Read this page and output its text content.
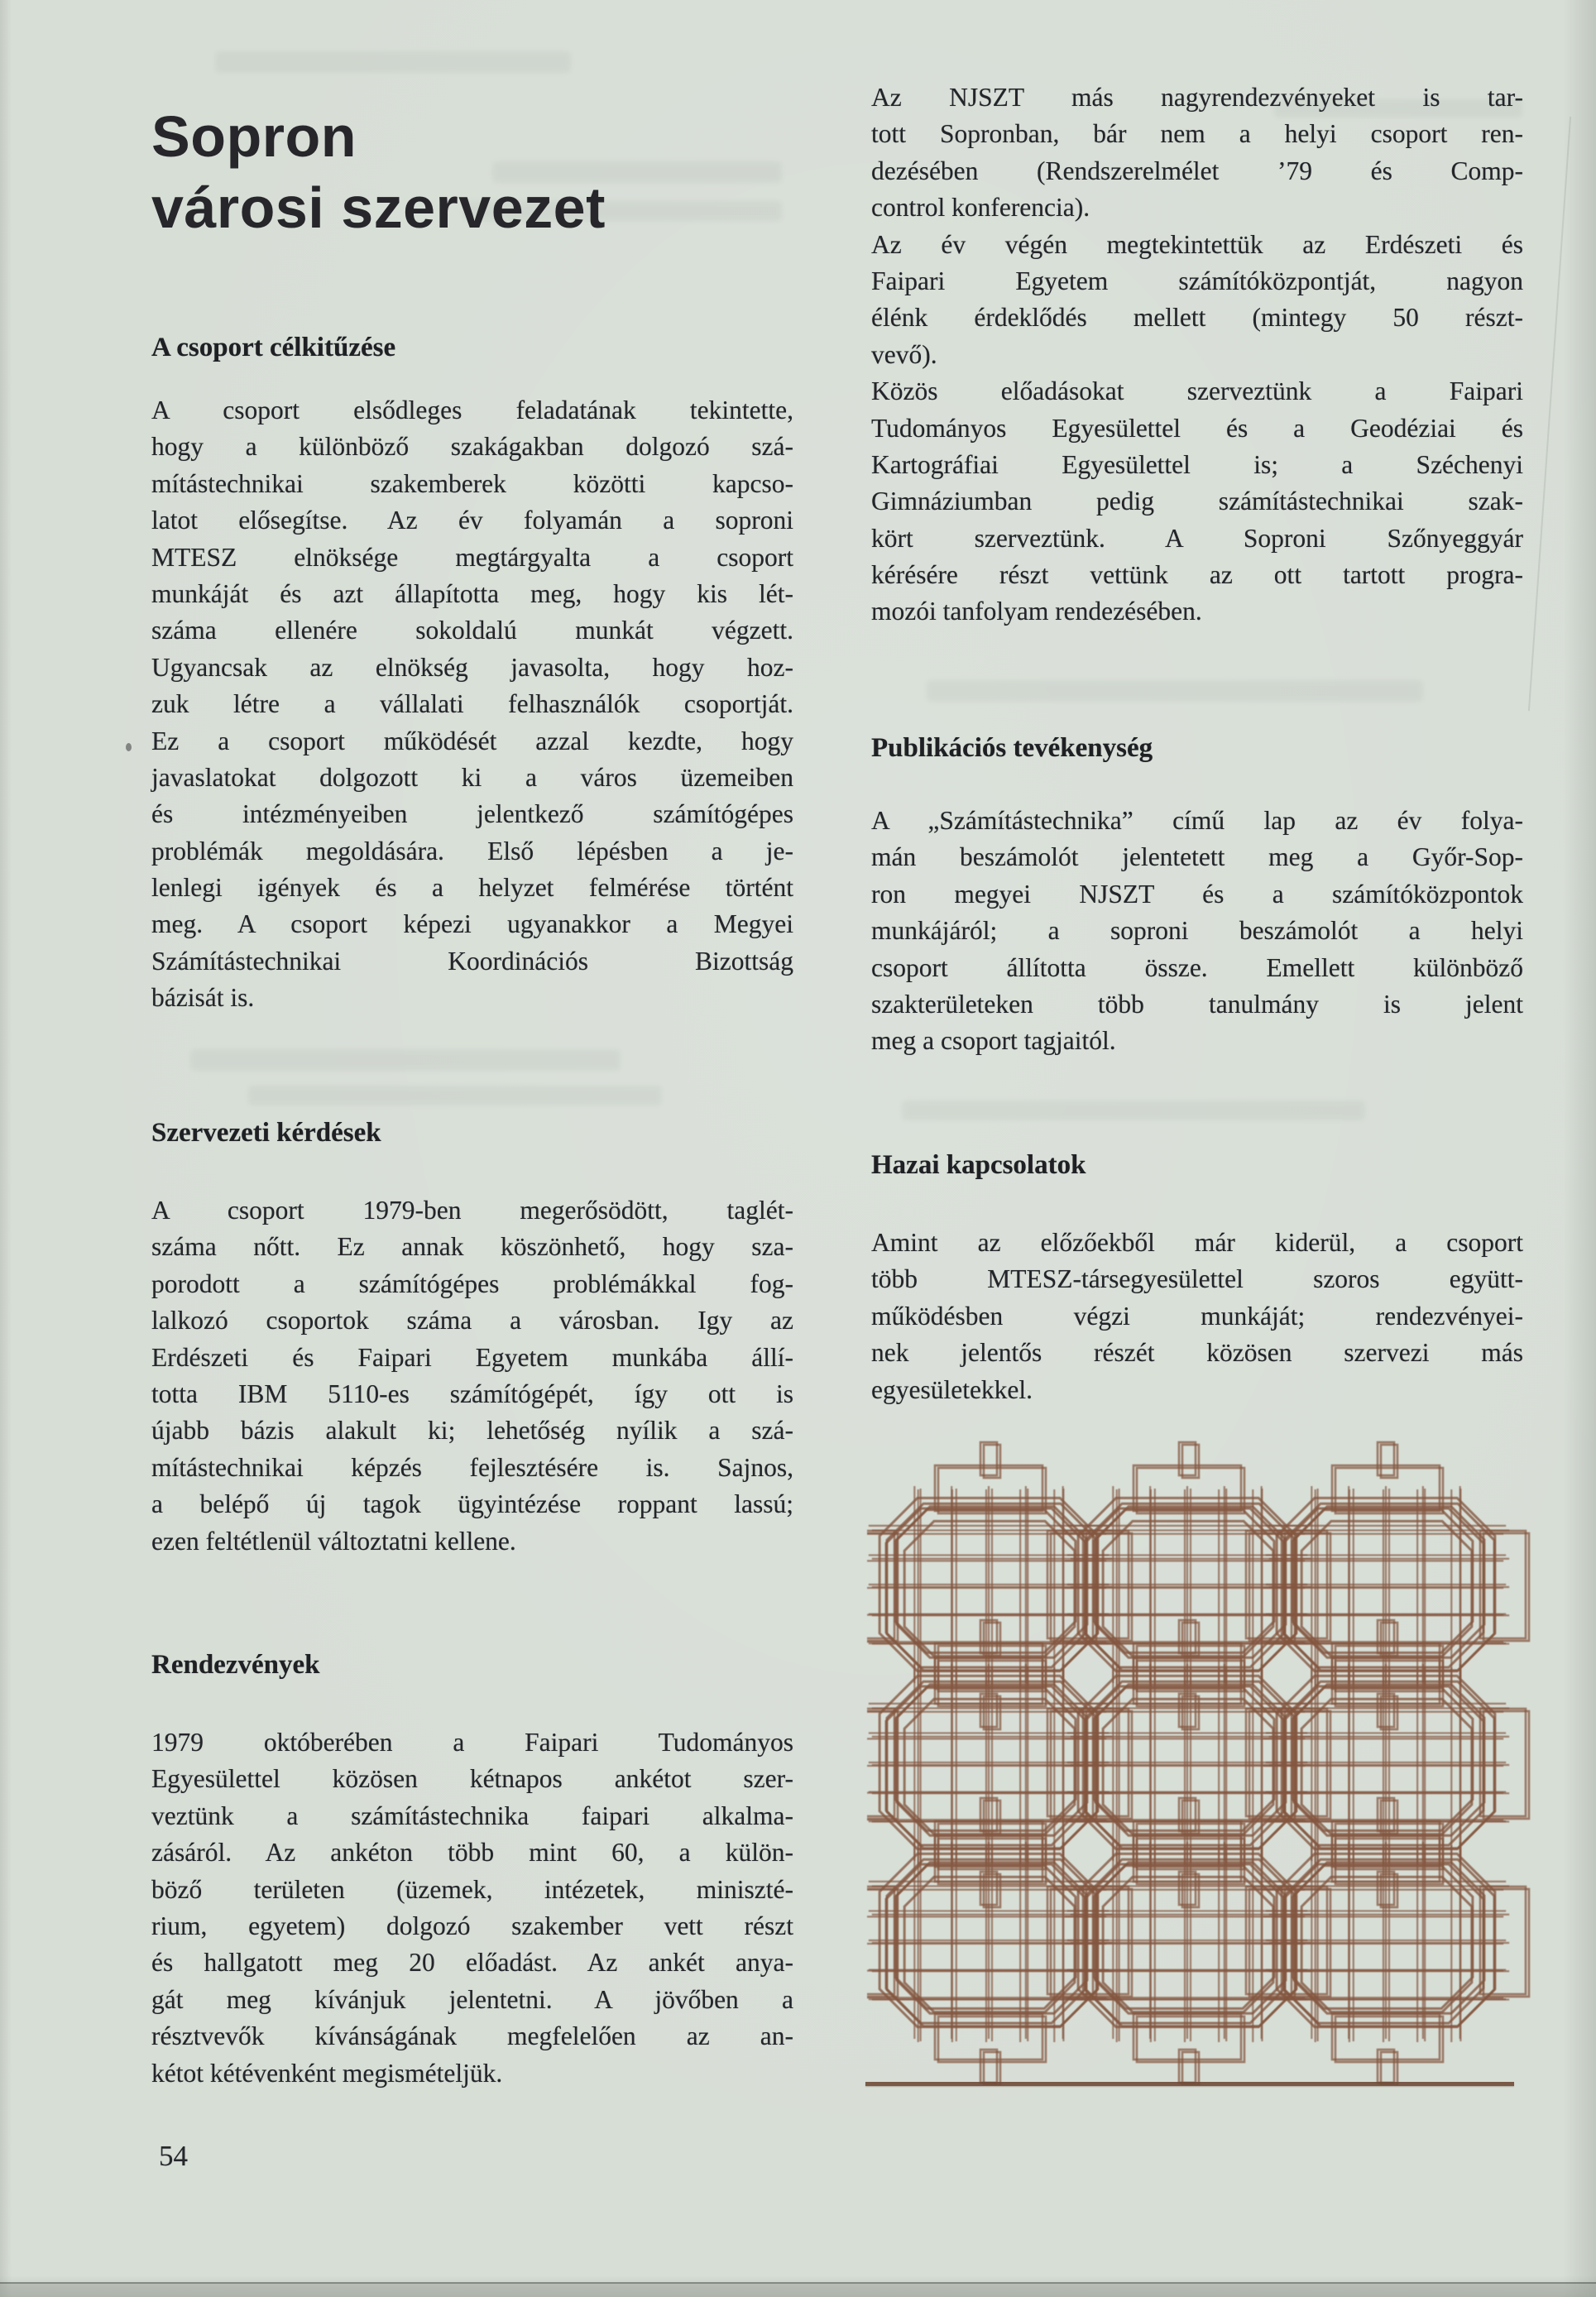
Sopron
városi szervezet
A csoport célkitűzése
A csoport elsődleges feladatának tekintette,
hogy a különböző szakágakban dolgozó szá-
mítástechnikai szakemberek közötti kapcso-
latot elősegítse. Az év folyamán a soproni
MTESZ elnöksége megtárgyalta a csoport
munkáját és azt állapította meg, hogy kis lét-
száma ellenére sokoldalú munkát végzett.
Ugyancsak az elnökség javasolta, hogy hoz-
zuk létre a vállalati felhasználók csoportját.
Ez a csoport működését azzal kezdte, hogy
javaslatokat dolgozott ki a város üzemeiben
és intézményeiben jelentkező számítógépes
problémák megoldására. Első lépésben a je-
lenlegi igények és a helyzet felmérése történt
meg. A csoport képezi ugyanakkor a Megyei
Számítástechnikai Koordinációs Bizottság
bázisát is.
Szervezeti kérdések
A csoport 1979-ben megerősödött, taglét-
száma nőtt. Ez annak köszönhető, hogy sza-
porodott a számítógépes problémákkal fog-
lalkozó csoportok száma a városban. Igy az
Erdészeti és Faipari Egyetem munkába állí-
totta IBM 5110-es számítógépét, így ott is
újabb bázis alakult ki; lehetőség nyílik a szá-
mítástechnikai képzés fejlesztésére is. Sajnos,
a belépő új tagok ügyintézése roppant lassú;
ezen feltétlenül változtatni kellene.
Rendezvények
1979 októberében a Faipari Tudományos
Egyesülettel közösen kétnapos ankétot szer-
veztünk a számítástechnika faipari alkalma-
zásáról. Az ankéton több mint 60, a külön-
böző területen (üzemek, intézetek, miniszté-
rium, egyetem) dolgozó szakember vett részt
és hallgatott meg 20 előadást. Az ankét anya-
gát meg kívánjuk jelentetni. A jövőben a
résztvevők kívánságának megfelelően az an-
kétot kétévenként megismételjük.
54
Az NJSZT más nagyrendezvényeket is tar-
tott Sopronban, bár nem a helyi csoport ren-
dezésében (Rendszerelmélet ’79 és Comp-
control konferencia).
Az év végén megtekintettük az Erdészeti és
Faipari Egyetem számítóközpontját, nagyon
élénk érdeklődés mellett (mintegy 50 részt-
vevő).
Közös előadásokat szerveztünk a Faipari
Tudományos Egyesülettel és a Geodéziai és
Kartográfiai Egyesülettel is; a Széchenyi
Gimnáziumban pedig számítástechnikai szak-
kört szerveztünk. A Soproni Szőnyeggyár
kérésére részt vettünk az ott tartott progra-
mozói tanfolyam rendezésében.
Publikációs tevékenység
A „Számítástechnika” című lap az év folya-
mán beszámolót jelentetett meg a Győr-Sop-
ron megyei NJSZT és a számítóközpontok
munkájáról; a soproni beszámolót a helyi
csoport állította össze. Emellett különböző
szakterületeken több tanulmány is jelent
meg a csoport tagjaitól.
Hazai kapcsolatok
Amint az előzőekből már kiderül, a csoport
több MTESZ-társegyesülettel szoros együtt-
működésben végzi munkáját; rendezvényei-
nek jelentős részét közösen szervezi más
egyesületekkel.
